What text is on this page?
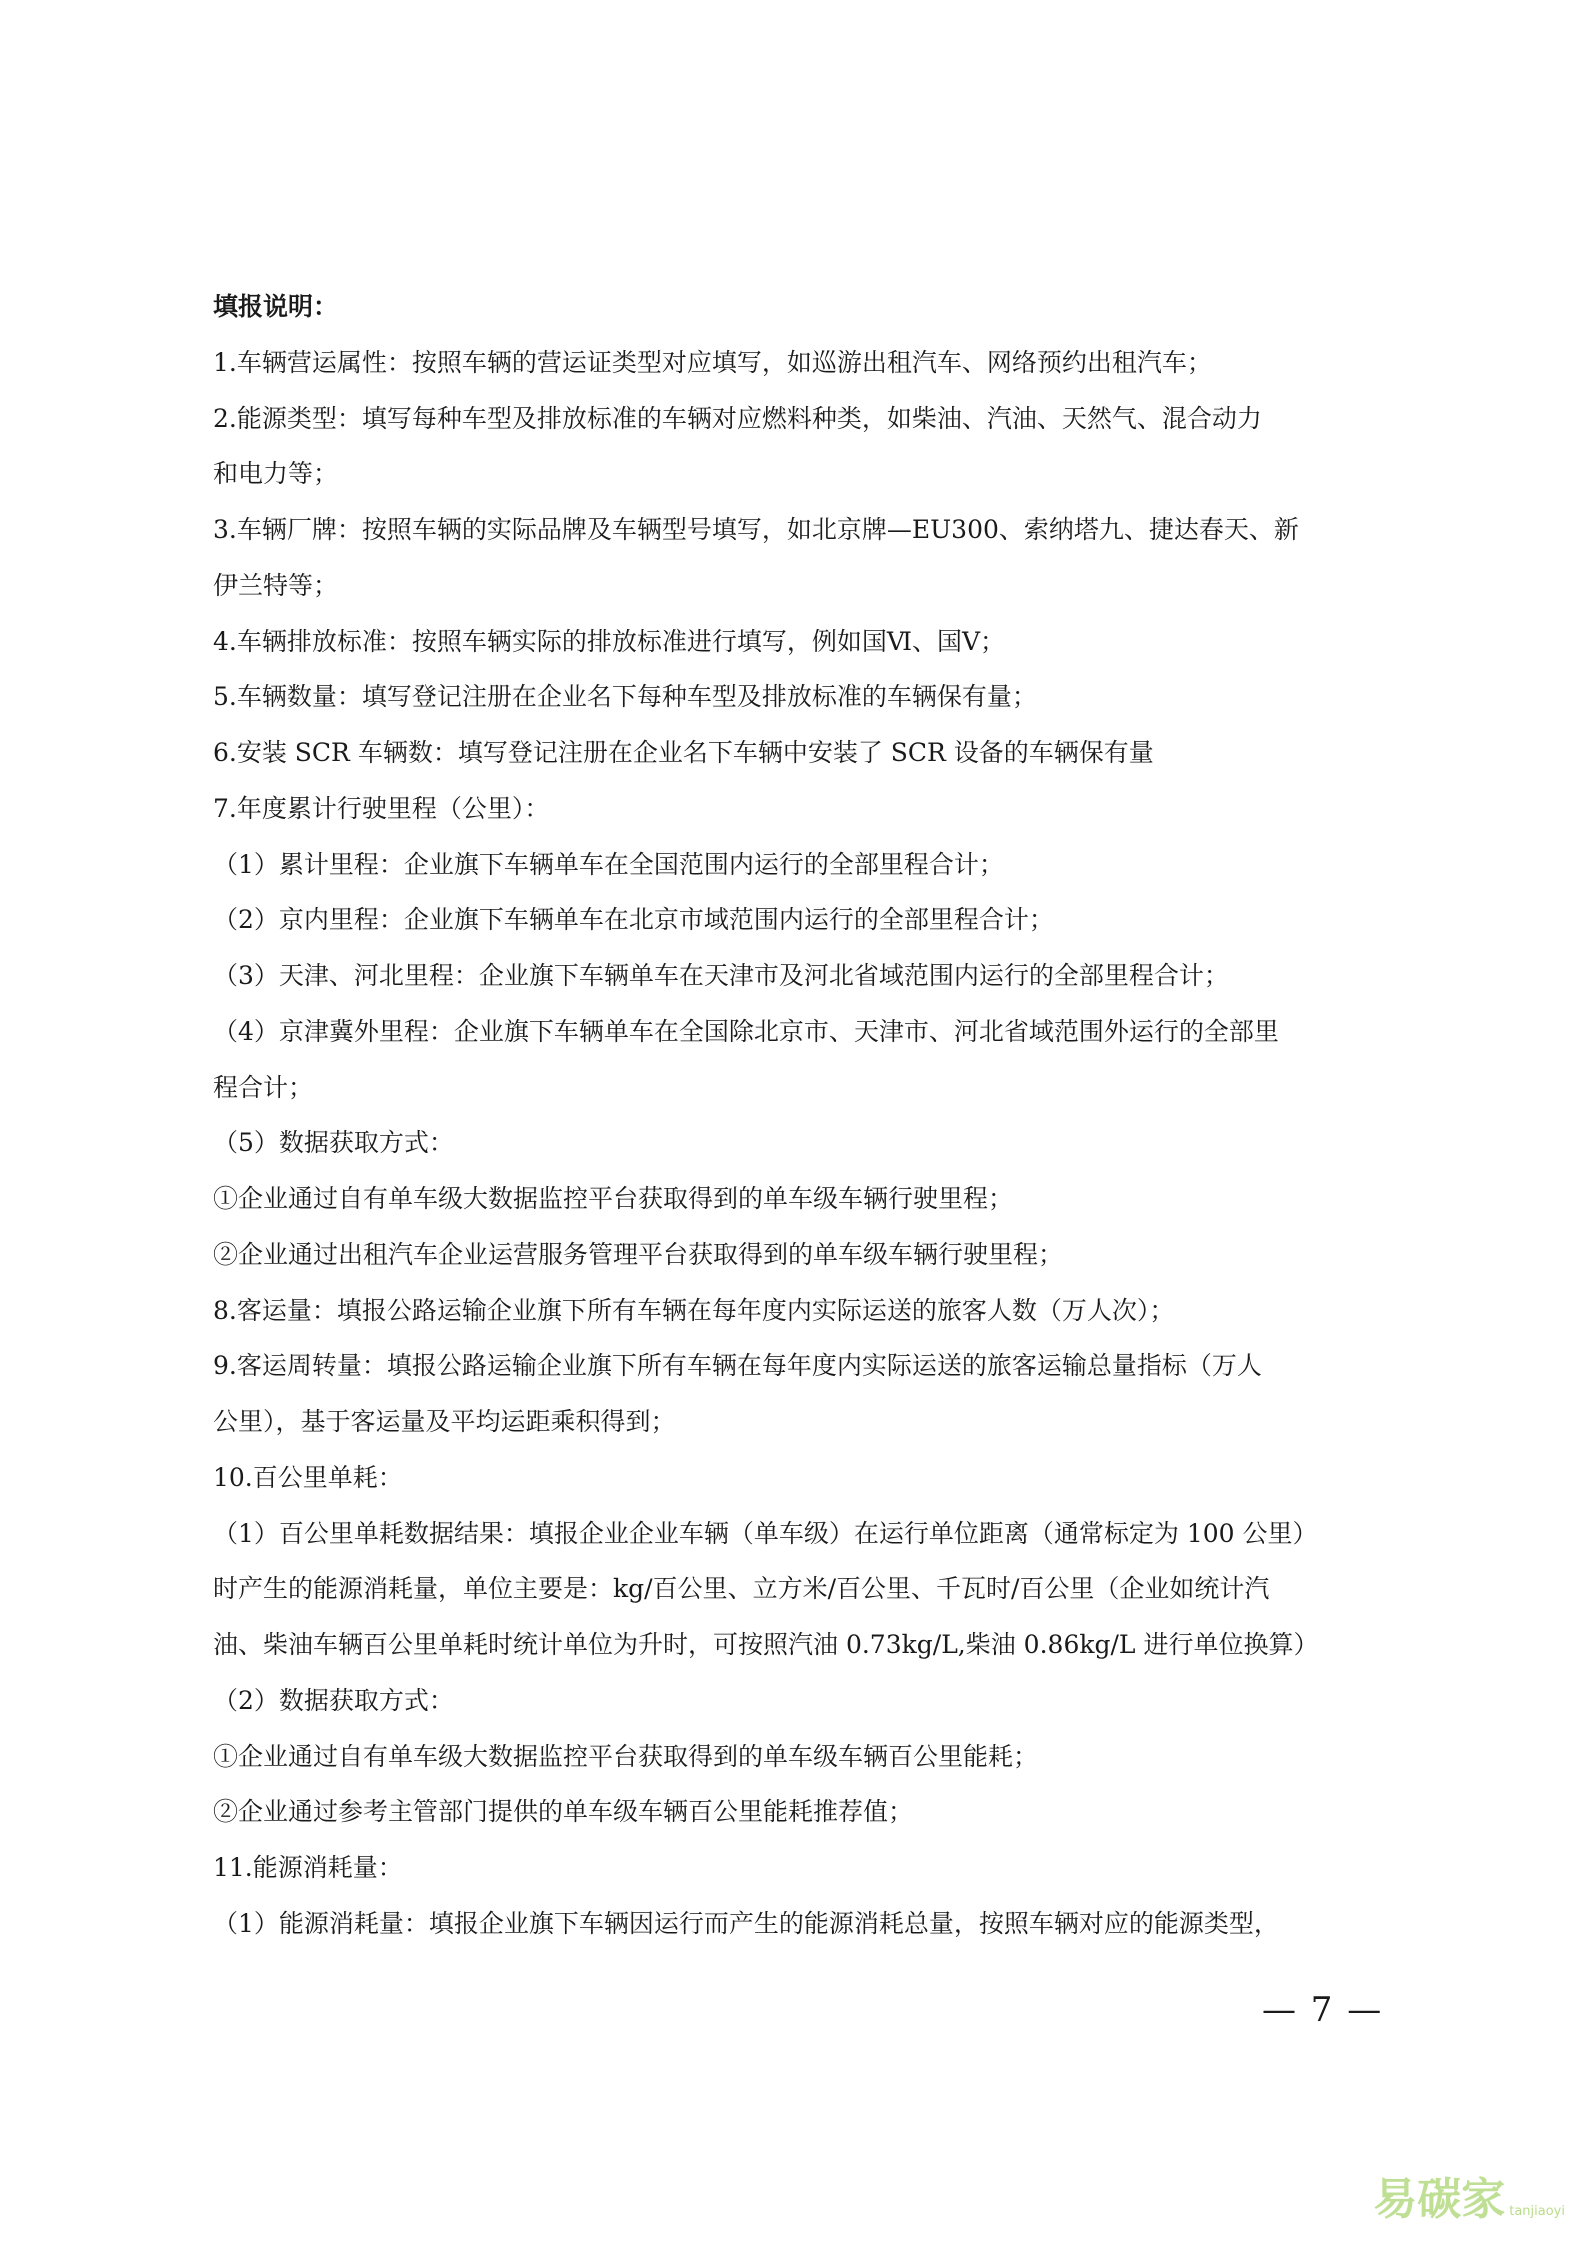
填报说明：
1.车辆营运属性：按照车辆的营运证类型对应填写，如巡游出租汽车、网络预约出租汽车；
2.能源类型：填写每种车型及排放标准的车辆对应燃料种类，如柴油、汽油、天然气、混合动力
和电力等；
3.车辆厂牌：按照车辆的实际品牌及车辆型号填写，如北京牌—EU300、索纳塔九、捷达春天、新
伊兰特等；
4.车辆排放标准：按照车辆实际的排放标准进行填写，例如国Ⅵ、国Ⅴ；
5.车辆数量：填写登记注册在企业名下每种车型及排放标准的车辆保有量；
6.安装 SCR 车辆数：填写登记注册在企业名下车辆中安装了 SCR 设备的车辆保有量
7.年度累计行驶里程（公里）：
（1）累计里程：企业旗下车辆单车在全国范围内运行的全部里程合计；
（2）京内里程：企业旗下车辆单车在北京市域范围内运行的全部里程合计；
（3）天津、河北里程：企业旗下车辆单车在天津市及河北省域范围内运行的全部里程合计；
（4）京津冀外里程：企业旗下车辆单车在全国除北京市、天津市、河北省域范围外运行的全部里
程合计；
（5）数据获取方式：
①企业通过自有单车级大数据监控平台获取得到的单车级车辆行驶里程；
②企业通过出租汽车企业运营服务管理平台获取得到的单车级车辆行驶里程；
8.客运量：填报公路运输企业旗下所有车辆在每年度内实际运送的旅客人数（万人次）；
9.客运周转量：填报公路运输企业旗下所有车辆在每年度内实际运送的旅客运输总量指标（万人
公里），基于客运量及平均运距乘积得到；
10.百公里单耗：
（1）百公里单耗数据结果：填报企业企业车辆（单车级）在运行单位距离（通常标定为 100 公里）
时产生的能源消耗量，单位主要是：kg/百公里、立方米/百公里、千瓦时/百公里（企业如统计汽
油、柴油车辆百公里单耗时统计单位为升时，可按照汽油 0.73kg/L,柴油 0.86kg/L 进行单位换算）
（2）数据获取方式：
①企业通过自有单车级大数据监控平台获取得到的单车级车辆百公里能耗；
②企业通过参考主管部门提供的单车级车辆百公里能耗推荐值；
11.能源消耗量：
（1）能源消耗量：填报企业旗下车辆因运行而产生的能源消耗总量，按照车辆对应的能源类型，
— 7 —
易碳家 tanjiaoyi
